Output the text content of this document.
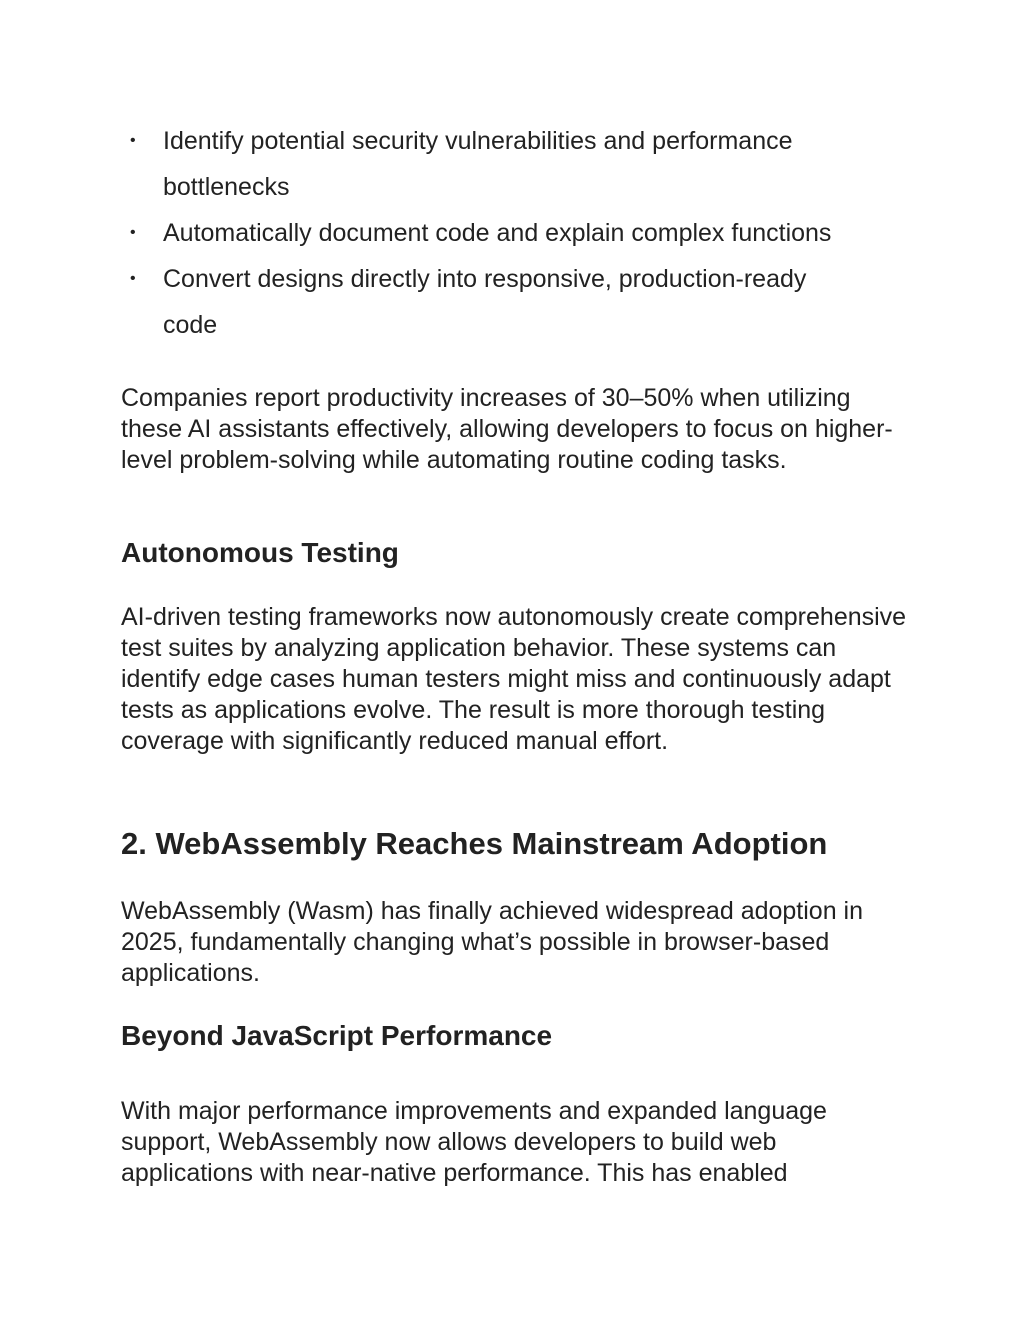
• Identify potential security vulnerabilities and performance bottlenecks
• Automatically document code and explain complex functions
• Convert designs directly into responsive, production-ready code

Companies report productivity increases of 30–50% when utilizing these AI assistants effectively, allowing developers to focus on higher-level problem-solving while automating routine coding tasks.

Autonomous Testing

AI-driven testing frameworks now autonomously create comprehensive test suites by analyzing application behavior. These systems can identify edge cases human testers might miss and continuously adapt tests as applications evolve. The result is more thorough testing coverage with significantly reduced manual effort.

2. WebAssembly Reaches Mainstream Adoption

WebAssembly (Wasm) has finally achieved widespread adoption in 2025, fundamentally changing what’s possible in browser-based applications.

Beyond JavaScript Performance

With major performance improvements and expanded language support, WebAssembly now allows developers to build web applications with near-native performance. This has enabled
